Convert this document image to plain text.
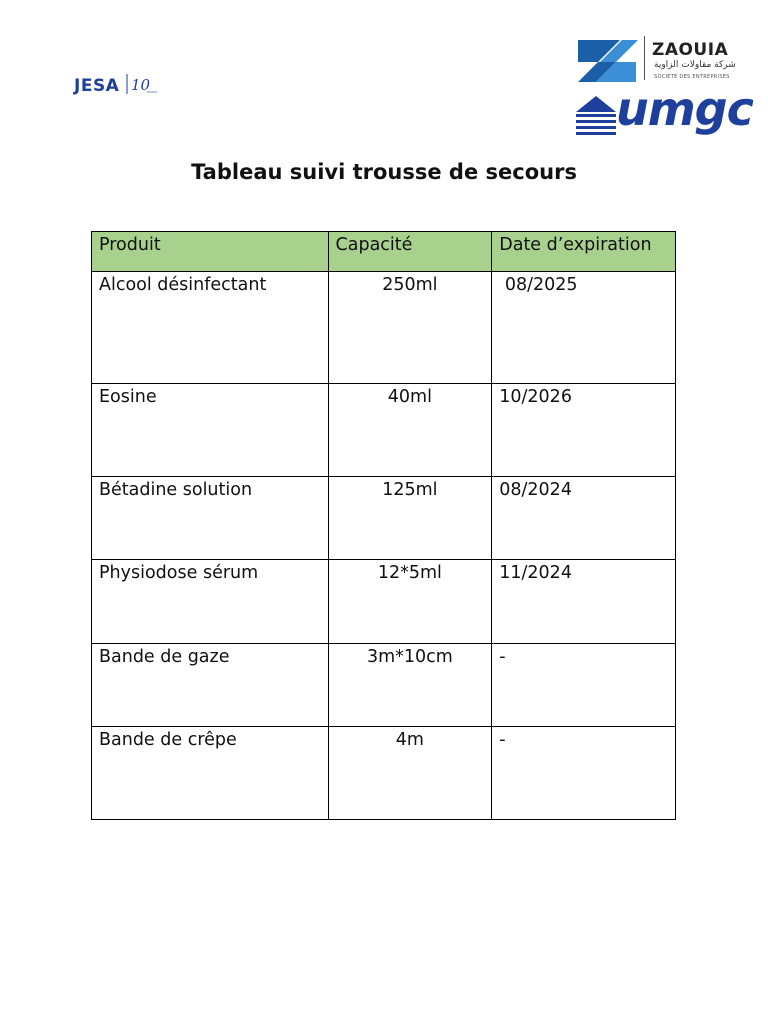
JESA 10
ZAOUIA
شركة مقاولات الزاوية
SOCIETE DES ENTREPRISES
umgc
Tableau suivi trousse de secours
Produit	Capacité	Date d’expiration
Alcool désinfectant	250ml	08/2025
Eosine	40ml	10/2026
Bétadine solution	125ml	08/2024
Physiodose sérum	12*5ml	11/2024
Bande de gaze	3m*10cm	-
Bande de crêpe	4m	-
